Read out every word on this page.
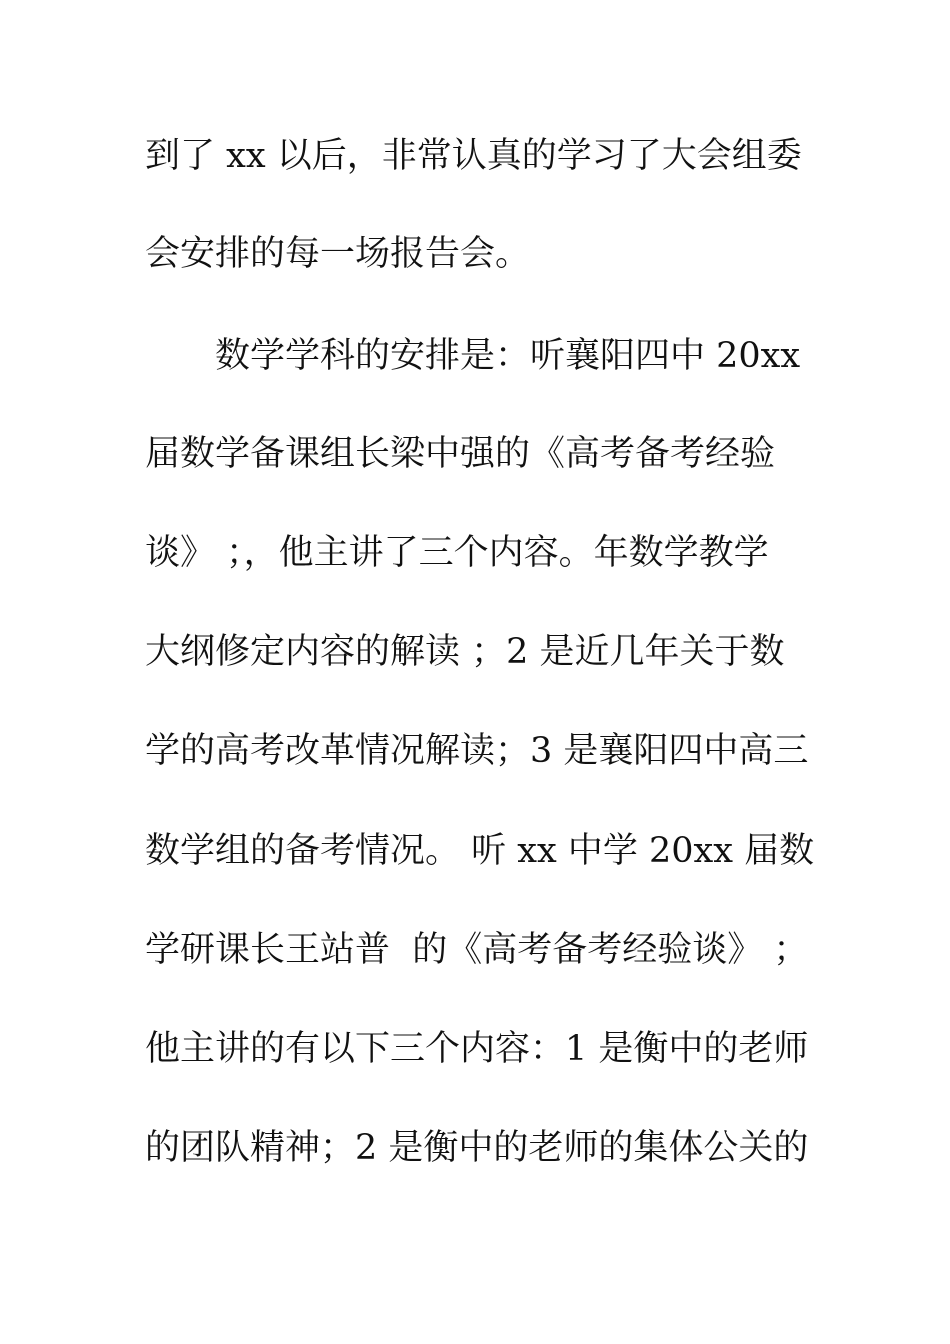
到了 xx 以后，非常认真的学习了大会组委
会安排的每一场报告会。
数学学科的安排是：听襄阳四中 20xx
届数学备课组长梁中强的《高考备考经验
谈》 ；，他主讲了三个内容。年数学教学
大纲修定内容的解读 ；2 是近几年关于数
学的高考改革情况解读；3 是襄阳四中高三
数学组的备考情况。 听 xx 中学 20xx 届数
学研课长王站普  的《高考备考经验谈》 ；
他主讲的有以下三个内容：1 是衡中的老师
的团队精神；2 是衡中的老师的集体公关的
